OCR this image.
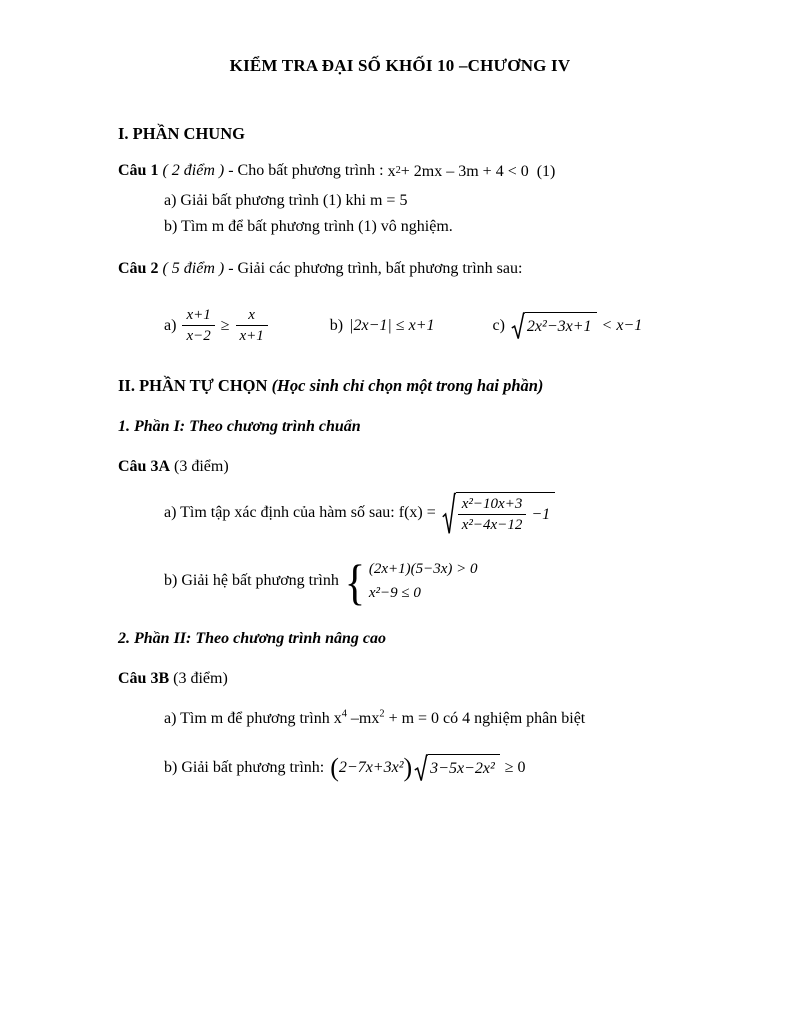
KIỂM TRA ĐẠI SỐ KHỐI 10 –CHƯƠNG IV
I. PHẦN CHUNG

Câu 1 ( 2 điểm ) - Cho bất phương trình : x 2 + 2mx – 3m + 4 < 0  (1)

a) Giải bất phương trình (1) khi m = 5
b) Tìm m để bất phương trình (1) vô nghiệm.

Câu 2 ( 5 điểm ) - Giải các phương trình, bất phương trình sau:

$a) \frac{x+1}{x-2} \ge \frac{x}{x+1}$	b) |2x−1| ≤ x+1	c) 2x²−3x+1 < x−1
II. PHẦN TỰ CHỌN (Học sinh chỉ chọn một trong hai phần)
1. Phần I: Theo chương trình chuẩn

Câu 3A (3 điểm)

a) Tìm tập xác định của hàm số sau: $f(x) = \frac{\text{x²−10x+3}}{\text{x²−4x−12}} -1$
b) Giải hệ bất phương trình { (2x+1)(5−3x) > 0
x²−9 ≤ 0
2. Phần II: Theo chương trình nâng cao

Câu 3B (3 điểm)

a) Tìm m để phương trình $x^4$ $-mx^2 + m = 0$ có 4 nghiệm phân biệt
b) Giải bất phương trình: ( 2−7x+3x² ) 3−5x−2x² ≥ 0
